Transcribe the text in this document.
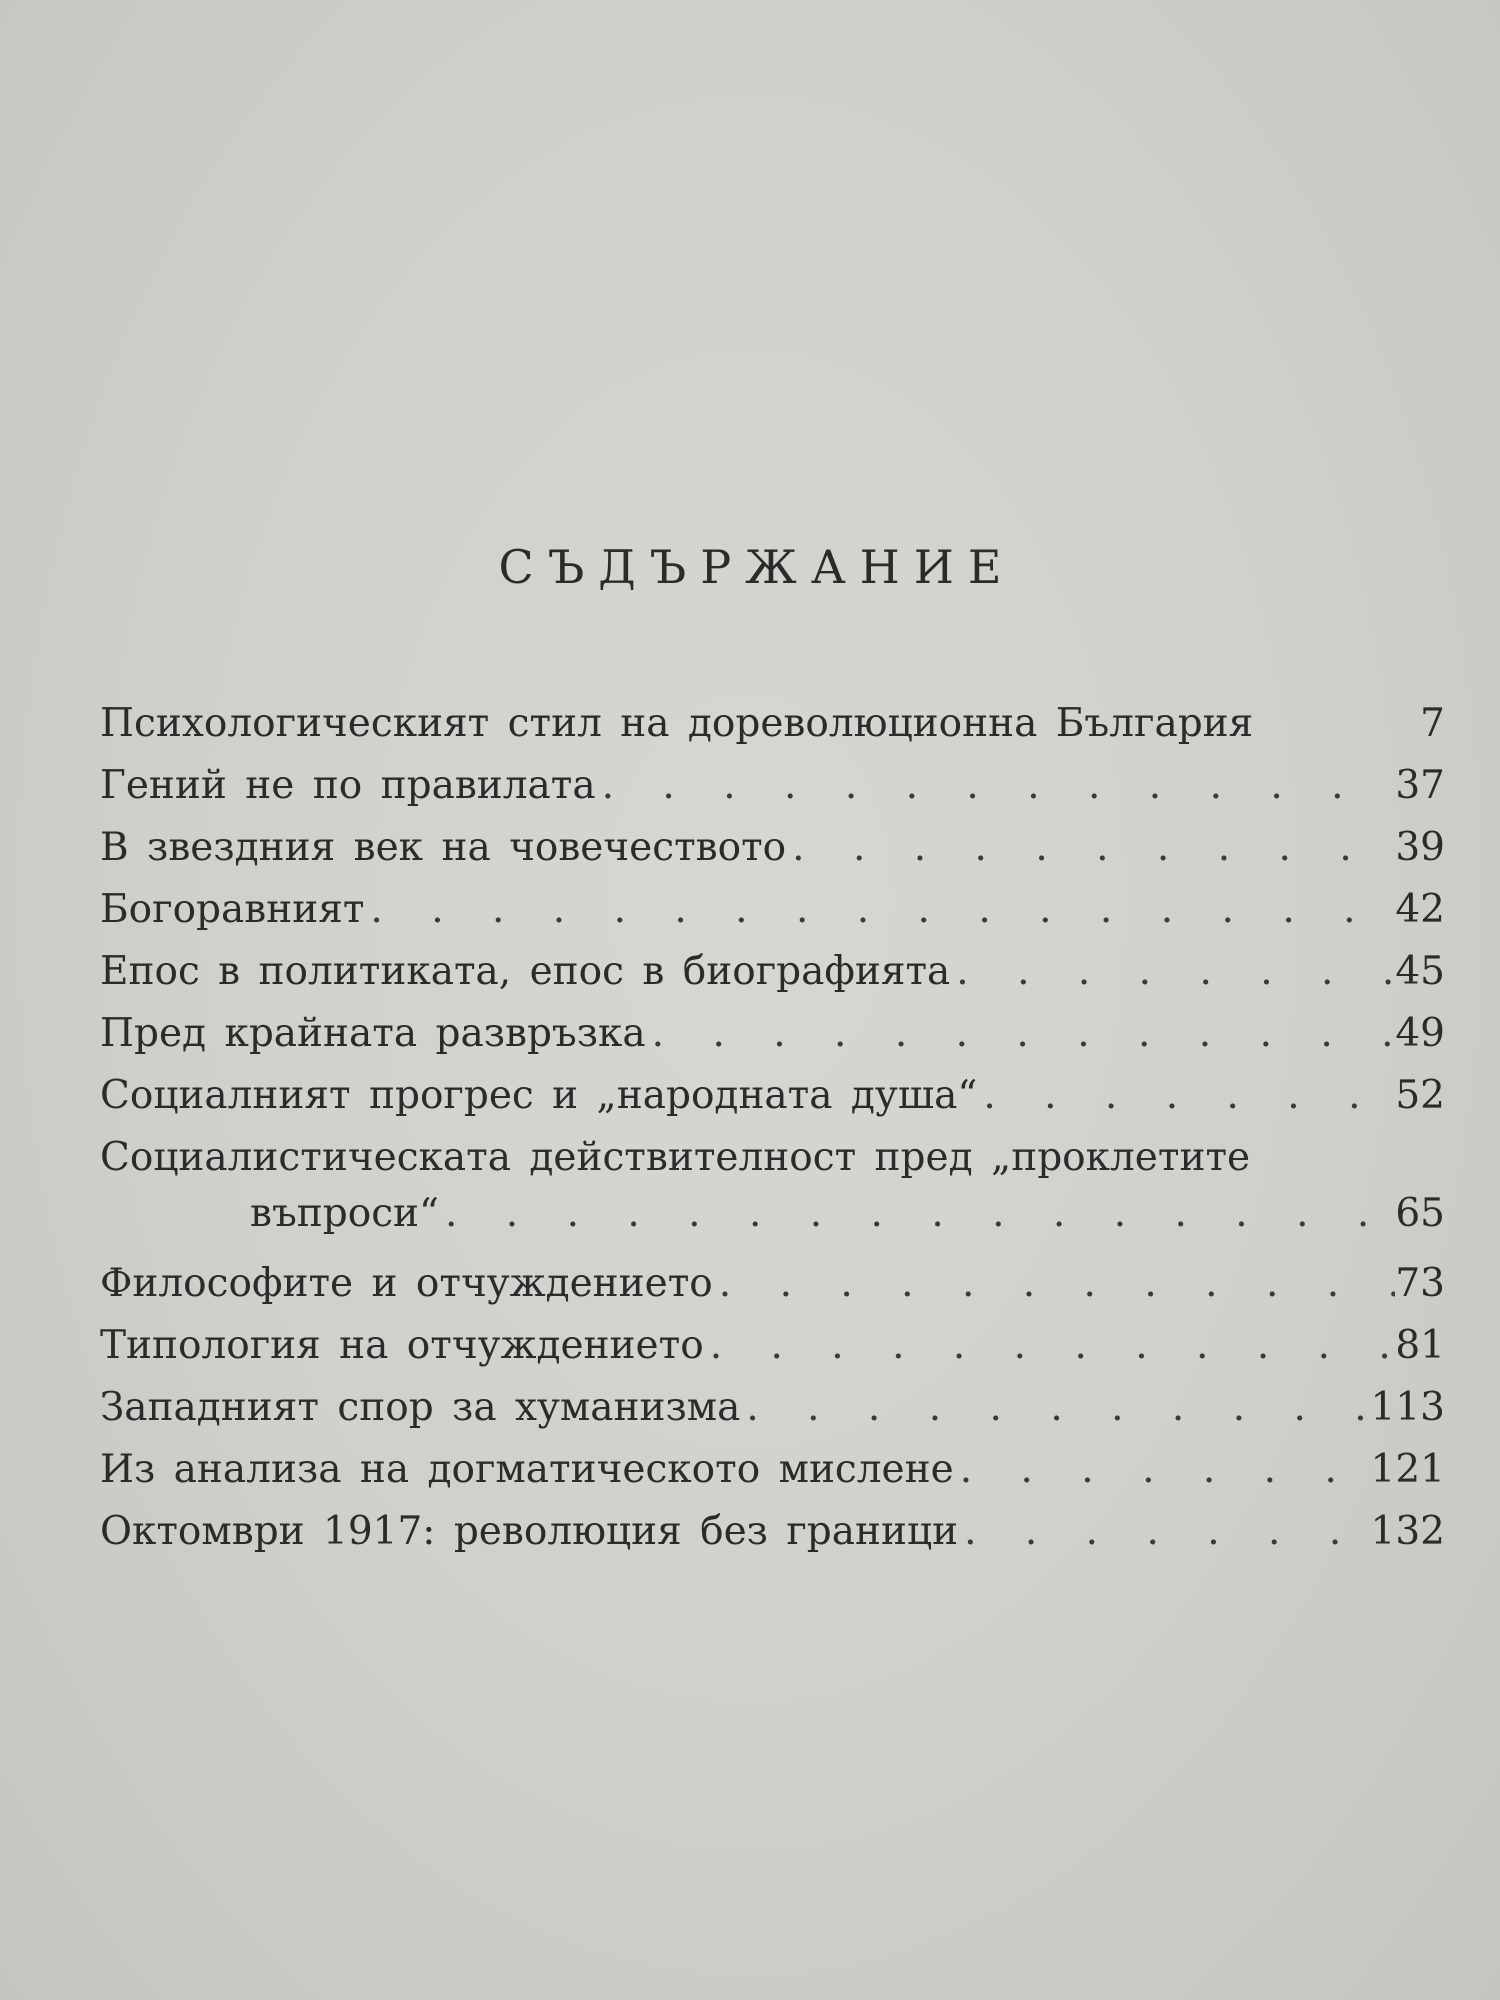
СЪДЪРЖАНИЕ
Психологическият стил на дореволюционна България	7
Гений не по правилата . . .	37
В звездния век на човечеството . . .	39
Богоравният . . .	42
Епос в политиката, епос в биографията . . .	45
Пред крайната развръзка . . .	49
Социалният прогрес и „народната душа“ . . .	52
Социалистическата действителност пред „проклетите
въпроси“ . . .	65
Философите и отчуждението . . .	73
Типология на отчуждението . . .	81
Западният спор за хуманизма . . .	113
Из анализа на догматическото мислене . . .	121
Октомври 1917: революция без граници . . .	132
